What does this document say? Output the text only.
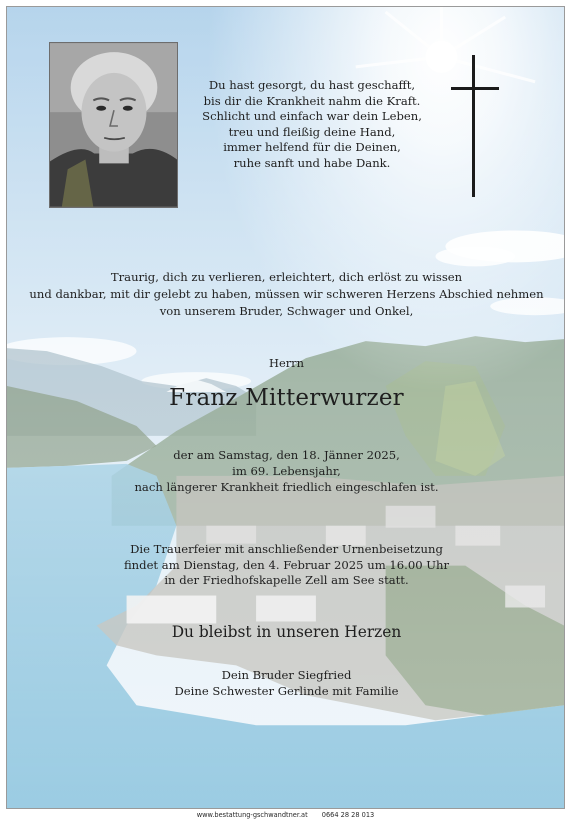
Du hast gesorgt, du hast geschafft,
bis dir die Krankheit nahm die Kraft.
Schlicht und einfach war dein Leben,
treu und fleißig deine Hand,
immer helfend für die Deinen,
ruhe sanft und habe Dank.
Traurig, dich zu verlieren, erleichtert, dich erlöst zu wissen
und dankbar, mit dir gelebt zu haben, müssen wir schweren Herzens Abschied nehmen
von unserem Bruder, Schwager und Onkel,
Herrn
Franz Mitterwurzer
der am Samstag, den 18. Jänner 2025,
im 69. Lebensjahr,
nach längerer Krankheit friedlich eingeschlafen ist.
Die Trauerfeier mit anschließender Urnenbeisetzung
findet am Dienstag, den 4. Februar 2025 um 16.00 Uhr
in der Friedhofskapelle Zell am See statt.
Du bleibst in unseren Herzen
Dein Bruder Siegfried
Deine Schwester Gerlinde mit Familie
www.bestattung-gschwandtner.at 0664 28 28 013
